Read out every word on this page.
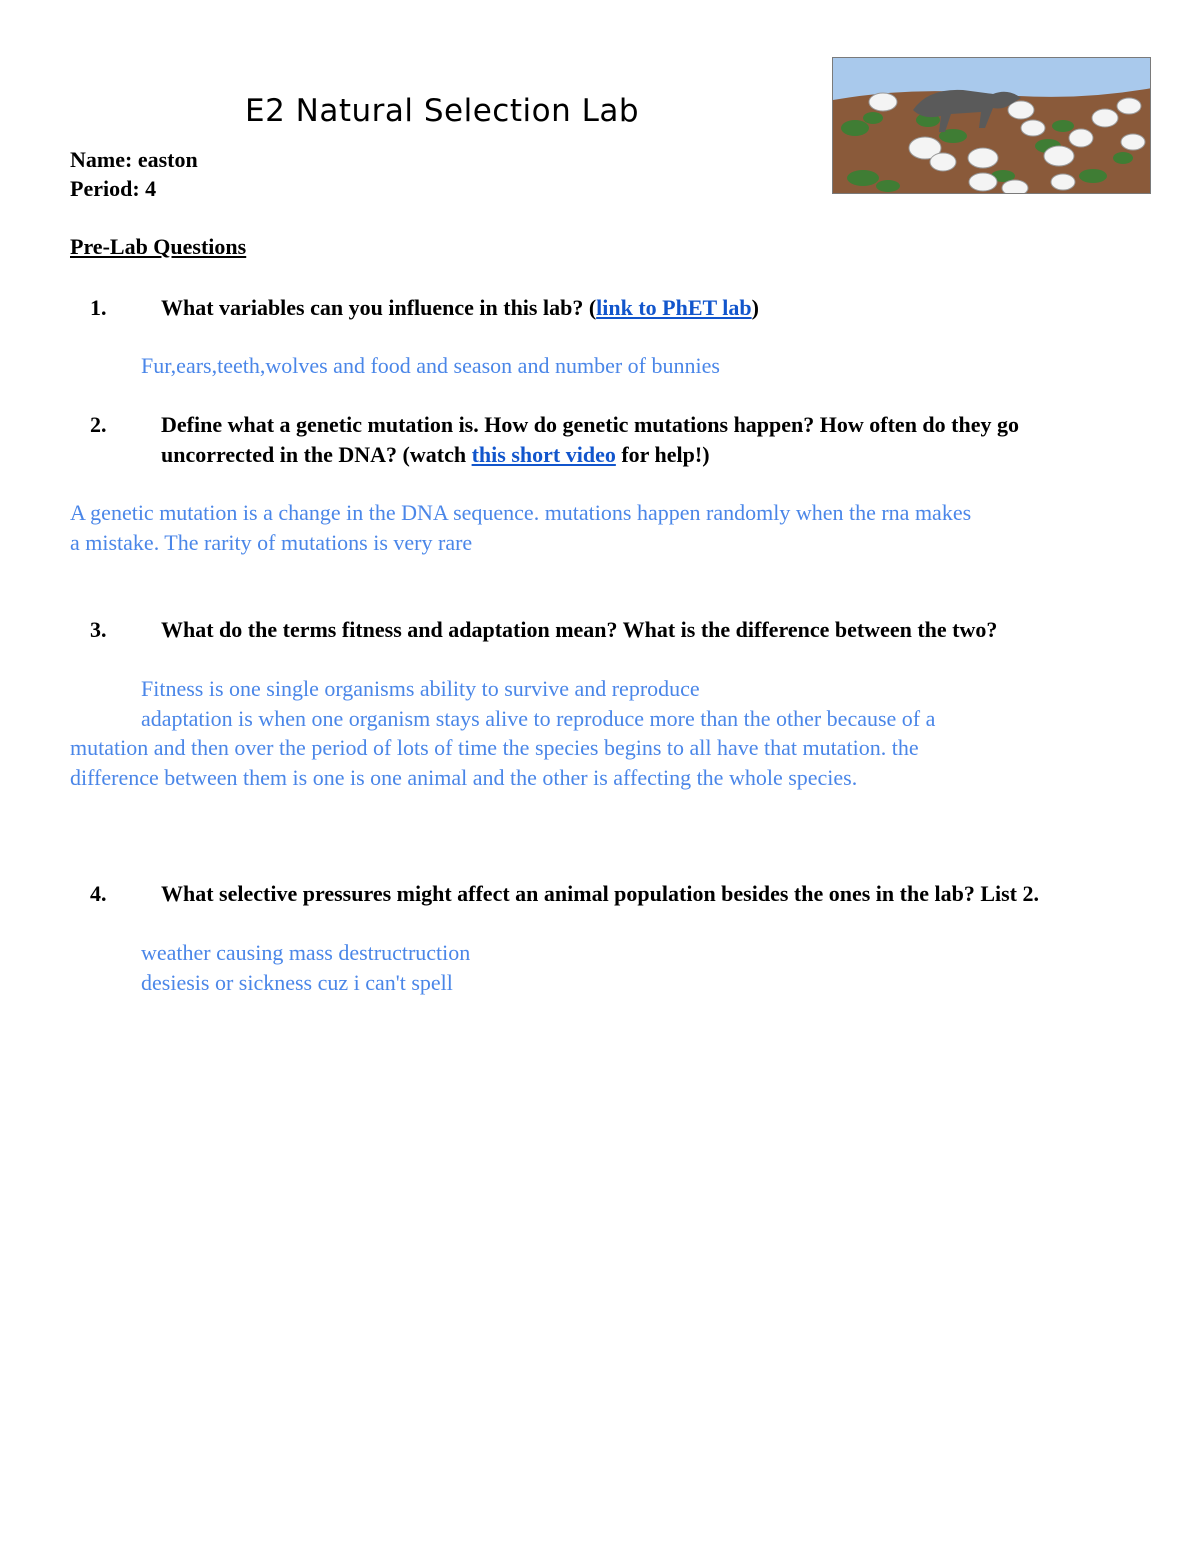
E2 Natural Selection Lab
Name: easton
Period: 4
Pre-Lab Questions
1. What variables can you influence in this lab? (link to PhET lab)
Fur,ears,teeth,wolves and food and season and number of bunnies
2. Define what a genetic mutation is. How do genetic mutations happen? How often do they go
uncorrected in the DNA? (watch this short video for help!)
A genetic mutation is a change in the DNA sequence. mutations happen randomly when the rna makes
a mistake. The rarity of mutations is very rare
3. What do the terms fitness and adaptation mean? What is the difference between the two?
Fitness is one single organisms ability to survive and reproduce
adaptation is when one organism stays alive to reproduce more than the other because of a
mutation and then over the period of lots of time the species begins to all have that mutation. the
difference between them is one is one animal and the other is affecting the whole species.
4. What selective pressures might affect an animal population besides the ones in the lab? List 2.
weather causing mass destructruction
desiesis or sickness cuz i can't spell
